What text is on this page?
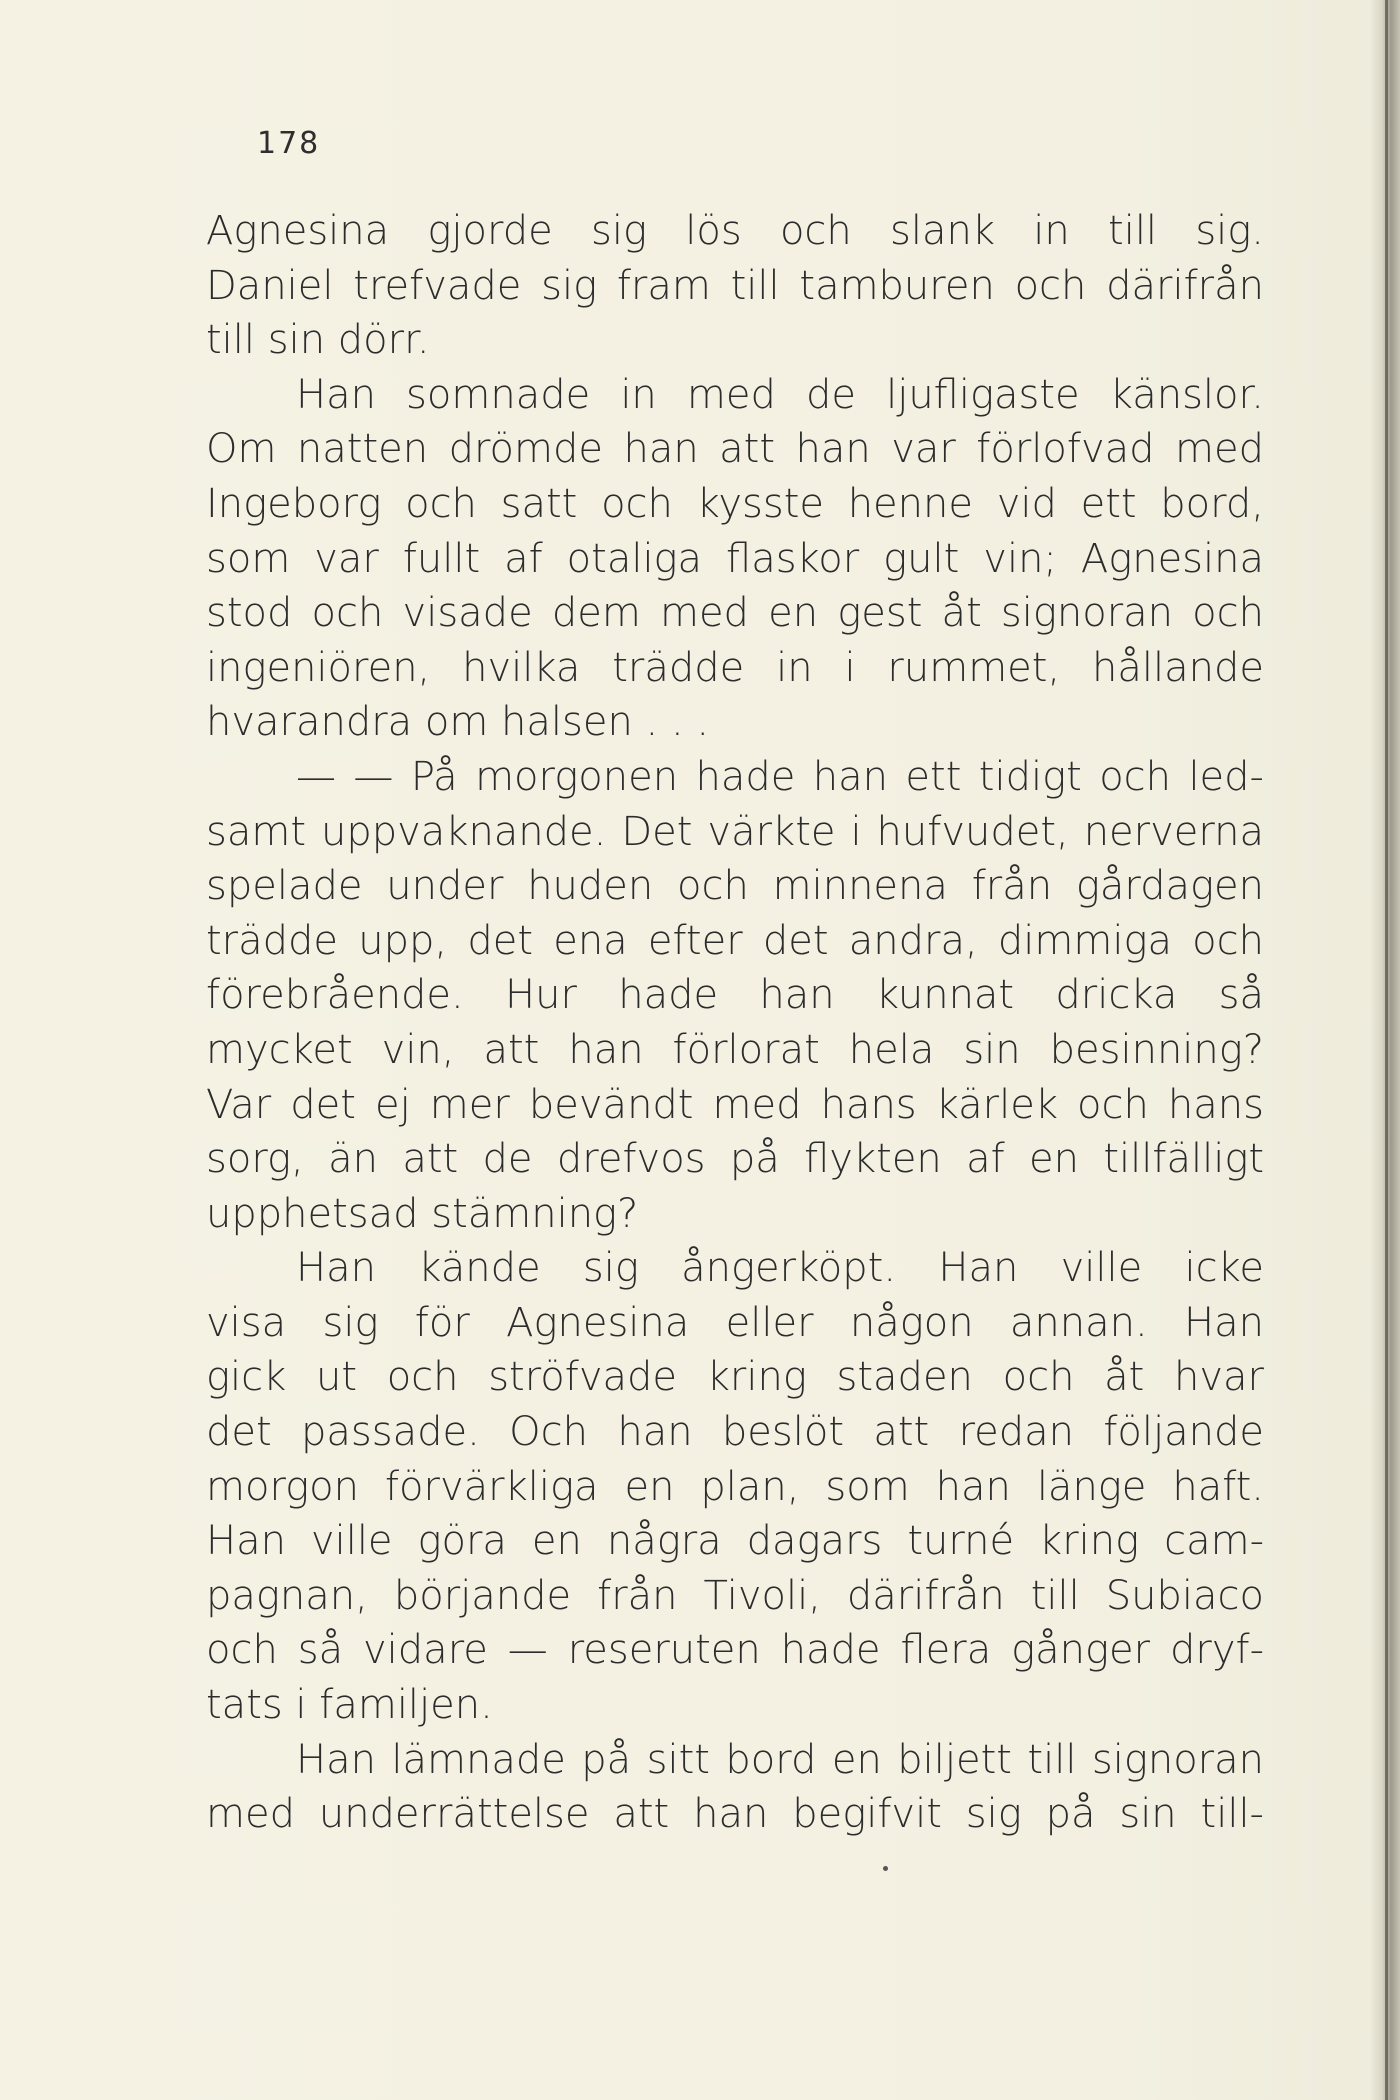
178
Agnesina gjorde sig lös och slank in till sig.
Daniel trefvade sig fram till tamburen och därifrån
till sin dörr.
Han somnade in med de ljufligaste känslor.
Om natten drömde han att han var förlofvad med
Ingeborg och satt och kysste henne vid ett bord,
som var fullt af otaliga flaskor gult vin; Agnesina
stod och visade dem med en gest åt signoran och
ingeniören, hvilka trädde in i rummet, hållande
hvarandra om halsen . . .
— — På morgonen hade han ett tidigt och led-
samt uppvaknande. Det värkte i hufvudet, nerverna
spelade under huden och minnena från gårdagen
trädde upp, det ena efter det andra, dimmiga och
förebrående. Hur hade han kunnat dricka så
mycket vin, att han förlorat hela sin besinning?
Var det ej mer bevändt med hans kärlek och hans
sorg, än att de drefvos på flykten af en tillfälligt
upphetsad stämning?
Han kände sig ångerköpt. Han ville icke
visa sig för Agnesina eller någon annan. Han
gick ut och ströfvade kring staden och åt hvar
det passade. Och han beslöt att redan följande
morgon förvärkliga en plan, som han länge haft.
Han ville göra en några dagars turné kring cam-
pagnan, börjande från Tivoli, därifrån till Subiaco
och så vidare — reseruten hade flera gånger dryf-
tats i familjen.
Han lämnade på sitt bord en biljett till signoran
med underrättelse att han begifvit sig på sin till-
